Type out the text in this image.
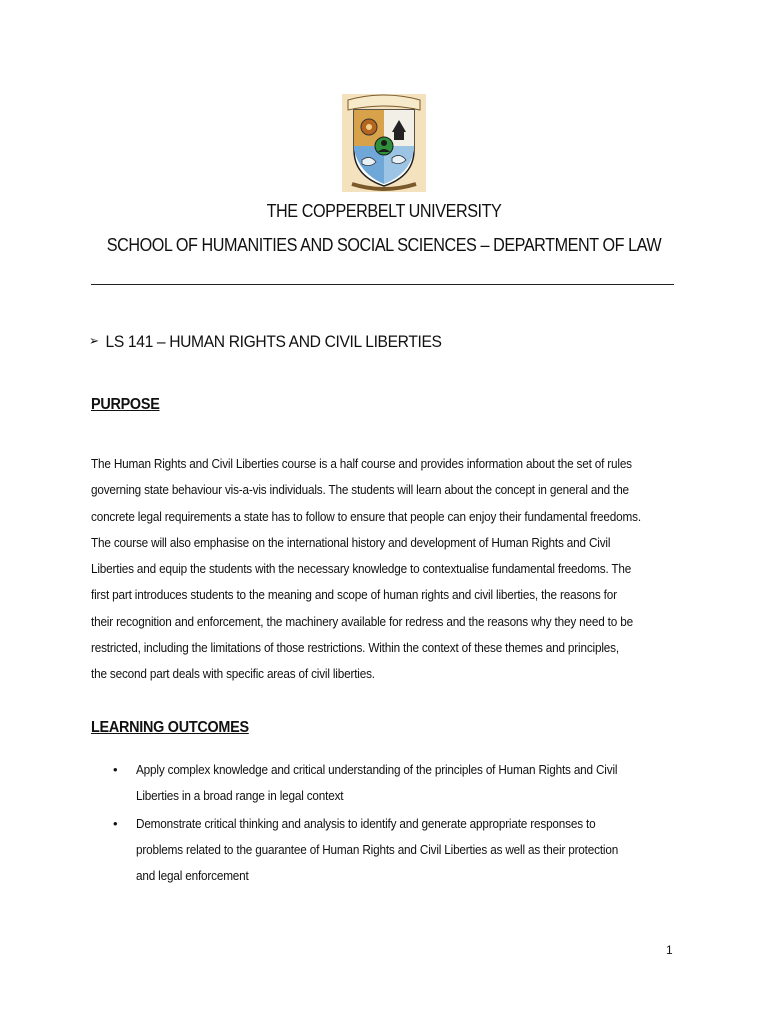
THE COPPERBELT UNIVERSITY
SCHOOL OF HUMANITIES AND SOCIAL SCIENCES – DEPARTMENT OF LAW
➢ LS 141 – HUMAN RIGHTS AND CIVIL LIBERTIES
PURPOSE
The Human Rights and Civil Liberties course is a half course and provides information about the set of rules
governing state behaviour vis-a-vis individuals. The students will learn about the concept in general and the
concrete legal requirements a state has to follow to ensure that people can enjoy their fundamental freedoms.
The course will also emphasise on the international history and development of Human Rights and Civil
Liberties and equip the students with the necessary knowledge to contextualise fundamental freedoms. The
first part introduces students to the meaning and scope of human rights and civil liberties, the reasons for
their recognition and enforcement, the machinery available for redress and the reasons why they need to be
restricted, including the limitations of those restrictions. Within the context of these themes and principles,
the second part deals with specific areas of civil liberties.
LEARNING OUTCOMES
• Apply complex knowledge and critical understanding of the principles of Human Rights and Civil
Liberties in a broad range in legal context
• Demonstrate critical thinking and analysis to identify and generate appropriate responses to
problems related to the guarantee of Human Rights and Civil Liberties as well as their protection
and legal enforcement
1
